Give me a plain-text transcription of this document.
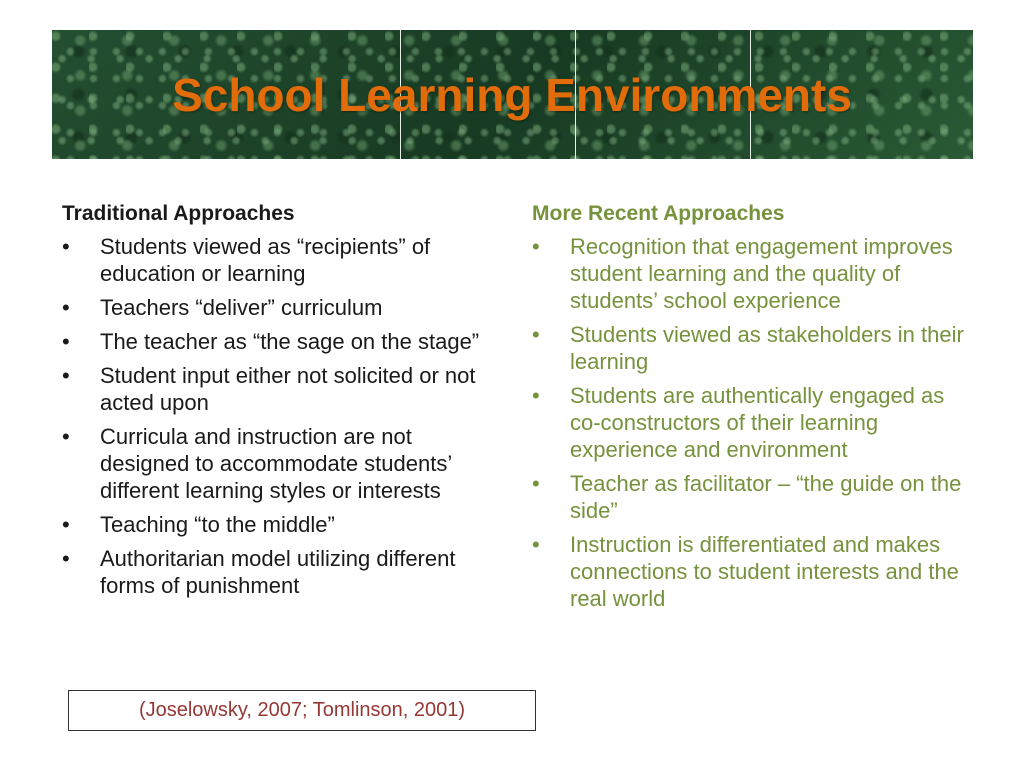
School Learning Environments

Traditional Approaches

• Students viewed as “recipients” of education or learning
• Teachers “deliver” curriculum
• The teacher as “the sage on the stage”
• Student input either not solicited or not acted upon
• Curricula and instruction are not designed to accommodate students’ different learning styles or interests
• Teaching “to the middle”
• Authoritarian model utilizing different forms of punishment

More Recent Approaches

• Recognition that engagement improves student learning and the quality of students’ school experience
• Students viewed as stakeholders in their learning
• Students are authentically engaged as co-constructors of their learning experience and environment
• Teacher as facilitator – “the guide on the side”
• Instruction is differentiated and makes connections to student interests and the real world
(Joselowsky, 2007; Tomlinson, 2001)
